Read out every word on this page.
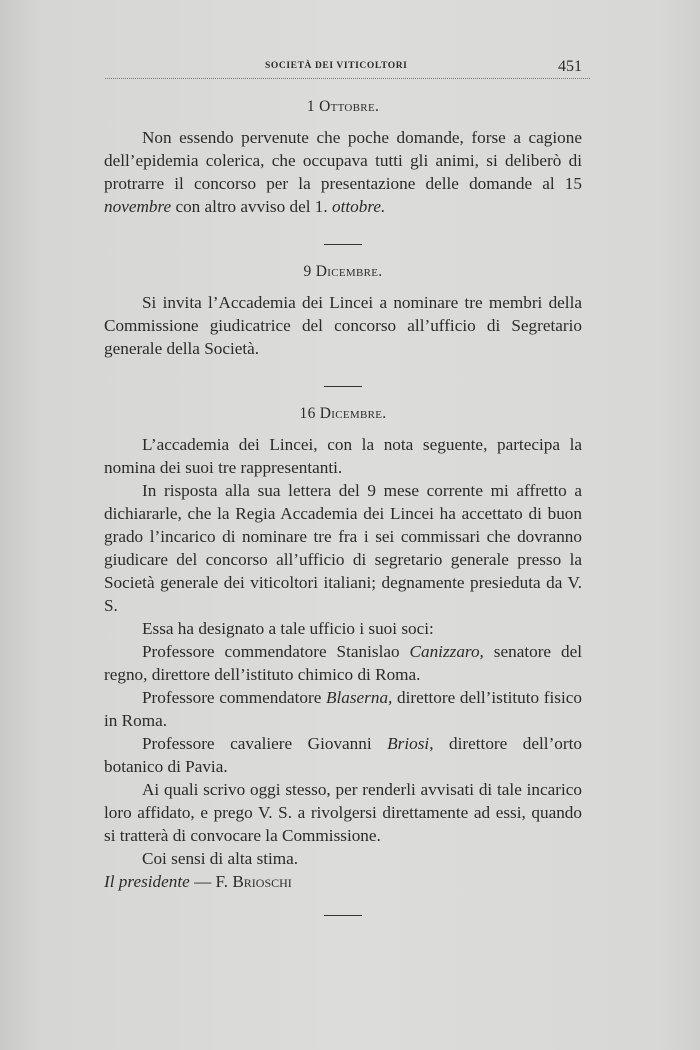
SOCIETÀ DEI VITICOLTORI	451
1 Ottobre.

Non essendo pervenute che poche domande, forse a cagione dell’epidemia colerica, che occupava tutti gli animi, si deliberò di protrarre il concorso per la presentazione delle domande al 15 novembre con altro avviso del 1. ottobre.

9 Dicembre.

Si invita l’Accademia dei Lincei a nominare tre membri della Commissione giudicatrice del concorso all’ufficio di Segretario generale della Società.

16 Dicembre.

L’accademia dei Lincei, con la nota seguente, partecipa la nomina dei suoi tre rappresentanti.

In risposta alla sua lettera del 9 mese corrente mi affretto a dichiararle, che la Regia Accademia dei Lincei ha accettato di buon grado l’incarico di nominare tre fra i sei commissari che dovranno giudicare del concorso all’ufficio di segretario generale presso la Società generale dei viticoltori italiani; degnamente presieduta da V. S.

Essa ha designato a tale ufficio i suoi soci:

Professore commendatore Stanislao Canizzaro, senatore del regno, direttore dell’istituto chimico di Roma.

Professore commendatore Blaserna, direttore dell’istituto fisico in Roma.

Professore cavaliere Giovanni Briosi, direttore dell’orto botanico di Pavia.

Ai quali scrivo oggi stesso, per renderli avvisati di tale incarico loro affidato, e prego V. S. a rivolgersi direttamente ad essi, quando si tratterà di convocare la Commissione.

Coi sensi di alta stima.

Il presidente — F. Brioschi
